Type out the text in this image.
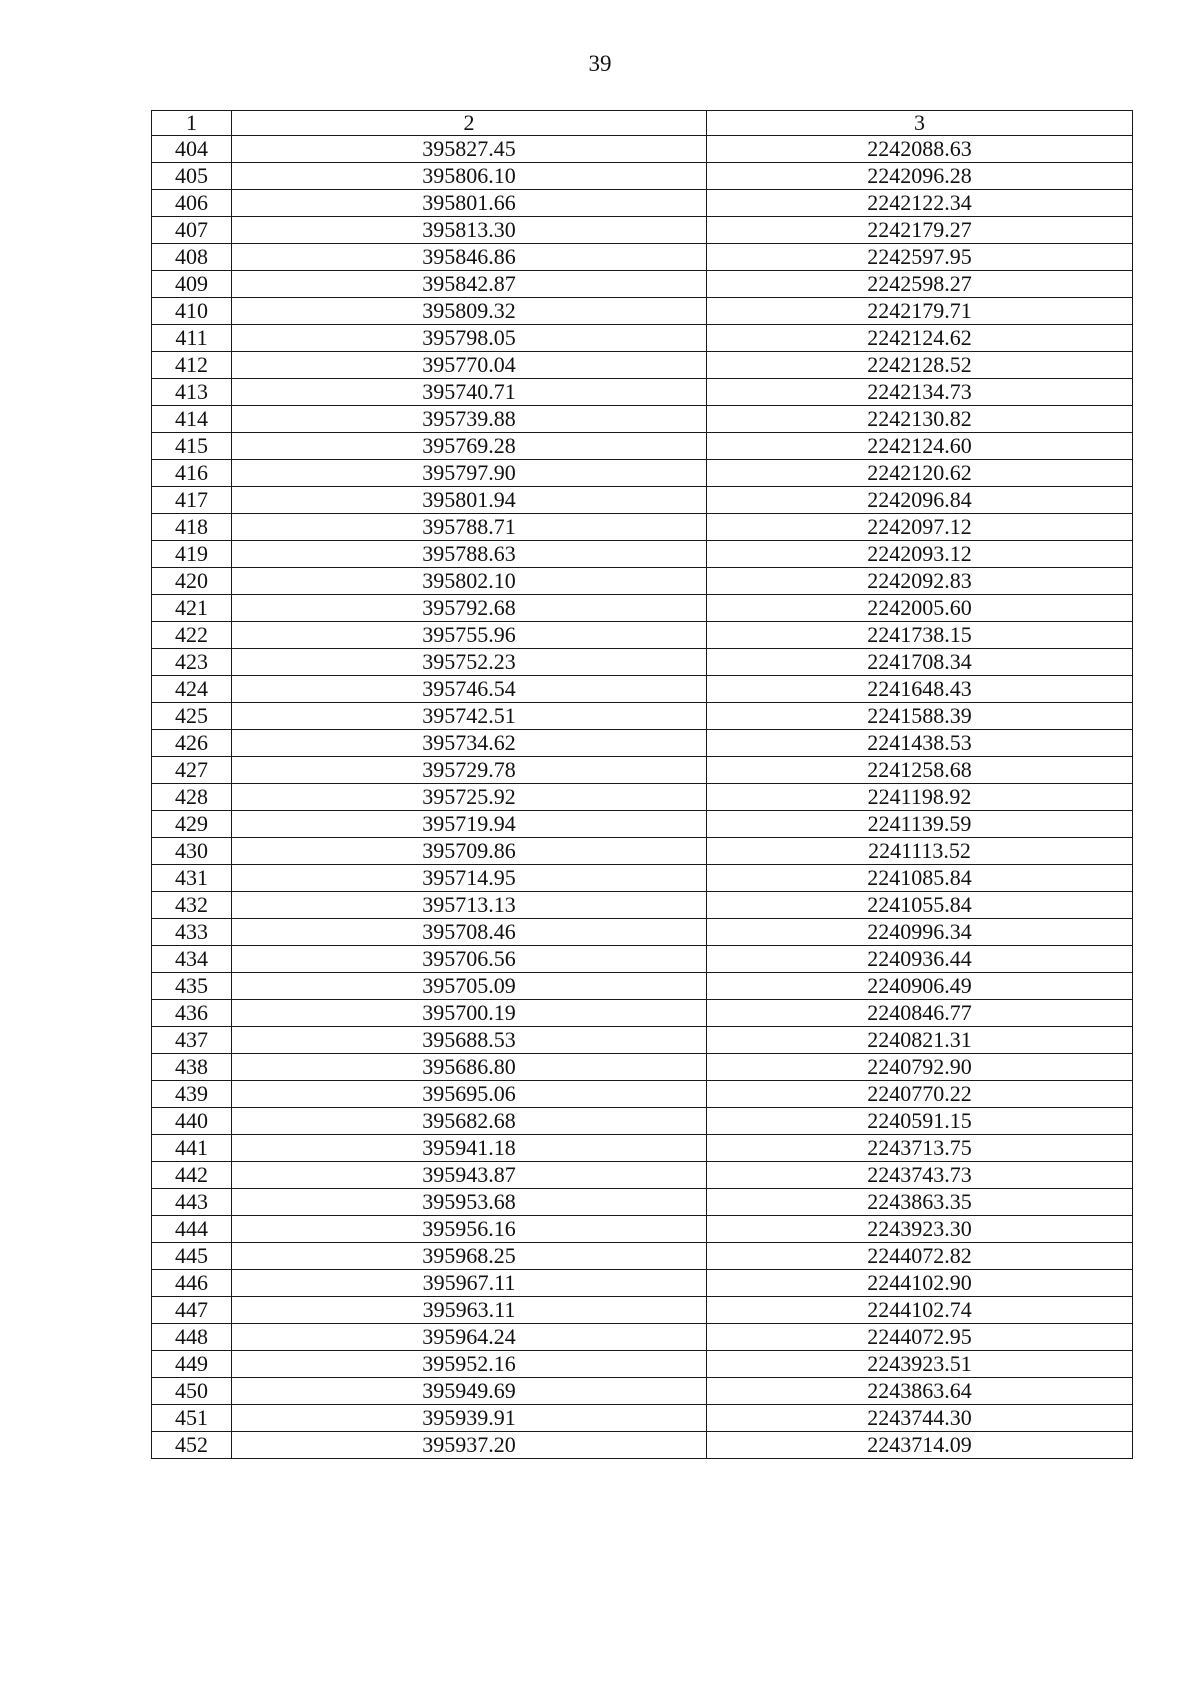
39
1	2	3
404	395827.45	2242088.63
405	395806.10	2242096.28
406	395801.66	2242122.34
407	395813.30	2242179.27
408	395846.86	2242597.95
409	395842.87	2242598.27
410	395809.32	2242179.71
411	395798.05	2242124.62
412	395770.04	2242128.52
413	395740.71	2242134.73
414	395739.88	2242130.82
415	395769.28	2242124.60
416	395797.90	2242120.62
417	395801.94	2242096.84
418	395788.71	2242097.12
419	395788.63	2242093.12
420	395802.10	2242092.83
421	395792.68	2242005.60
422	395755.96	2241738.15
423	395752.23	2241708.34
424	395746.54	2241648.43
425	395742.51	2241588.39
426	395734.62	2241438.53
427	395729.78	2241258.68
428	395725.92	2241198.92
429	395719.94	2241139.59
430	395709.86	2241113.52
431	395714.95	2241085.84
432	395713.13	2241055.84
433	395708.46	2240996.34
434	395706.56	2240936.44
435	395705.09	2240906.49
436	395700.19	2240846.77
437	395688.53	2240821.31
438	395686.80	2240792.90
439	395695.06	2240770.22
440	395682.68	2240591.15
441	395941.18	2243713.75
442	395943.87	2243743.73
443	395953.68	2243863.35
444	395956.16	2243923.30
445	395968.25	2244072.82
446	395967.11	2244102.90
447	395963.11	2244102.74
448	395964.24	2244072.95
449	395952.16	2243923.51
450	395949.69	2243863.64
451	395939.91	2243744.30
452	395937.20	2243714.09
